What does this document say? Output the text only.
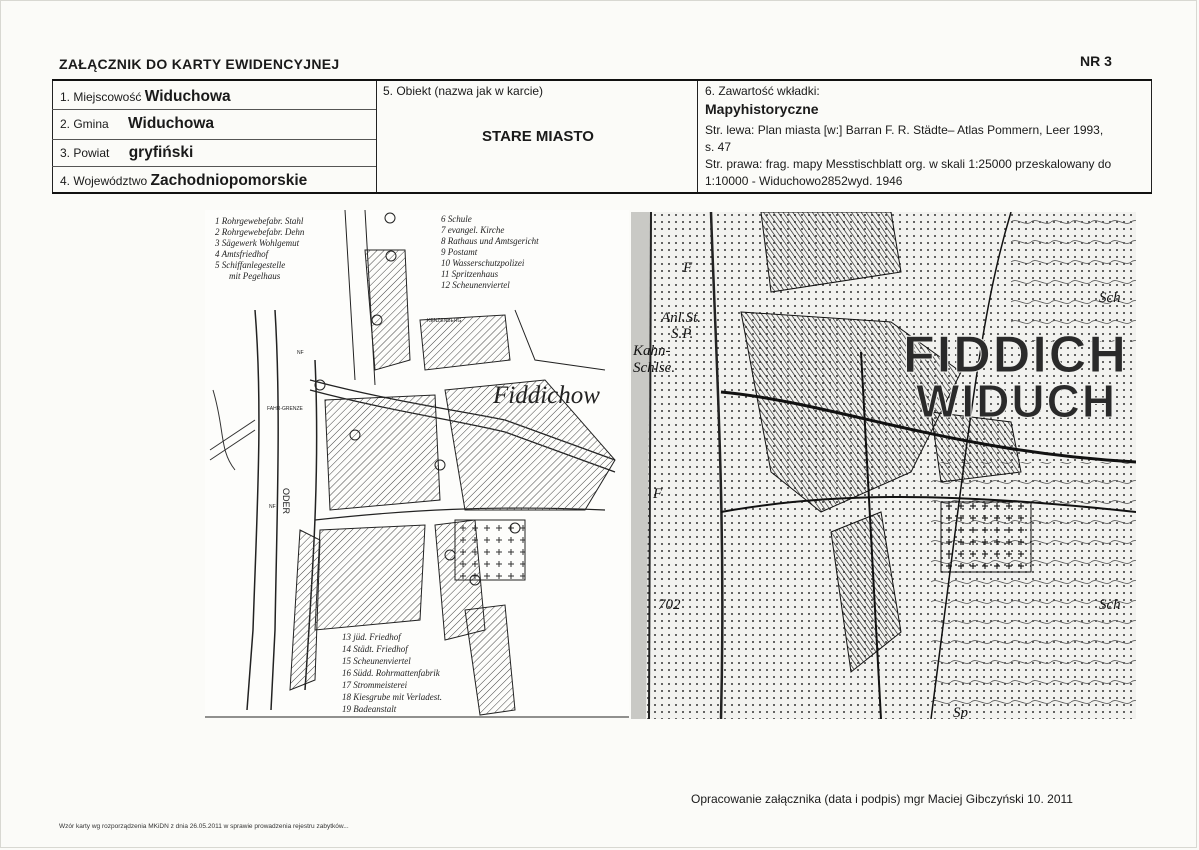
ZAŁĄCZNIK DO KARTY EWIDENCYJNEJ	NR 3
1. Miejscowość Widuchowa
2. Gmina Widuchowa
3. Powiat gryfiński
4. Województwo Zachodniopomorskie
5. Obiekt (nazwa jak w karcie)
STARE MIASTO
6. Zawartość wkładki:
Mapyhistoryczne
Str. lewa: Plan miasta [w:] Barran F. R. Städte– Atlas Pommern, Leer 1993,
s. 47
Str. prawa: frag. mapy Messtischblatt org. w skali 1:25000 przeskalowany do
1:10000 - Widuchowo2852wyd. 1946
1 Rohrgewebefabr. Stahl
2 Rohrgewebefabr. Dehn
3 Sägewerk Wohlgemut
4 Amtsfriedhof
5 Schiffanlegestelle
mit Pegelhaus
6 Schule
7 evangel. Kirche
8 Rathaus und Amtsgericht
9 Postamt
10 Wasserschutzpolizei
11 Spritzenhaus
12 Scheunenviertel
13 jüd. Friedhof
14 Städt. Friedhof
15 Scheunenviertel
16 Südd. Rohrmattenfabrik
17 Strommeisterei
18 Kiesgrube mit Verladest.
19 Badeanstalt
Fiddichow
ODER
KENZENBERG
NF
NF
FAHR-GRENZE
FIDDICH
WIDUCH
Anl.St.
S.P.
Kahn-
Schlse.
702
Sch
Sch
Sp
F
F
Opracowanie załącznika (data i podpis) mgr Maciej Gibczyński 10. 2011
Wzór karty wg rozporządzenia MKiDN z dnia 26.05.2011 w sprawie prowadzenia rejestru zabytków...
